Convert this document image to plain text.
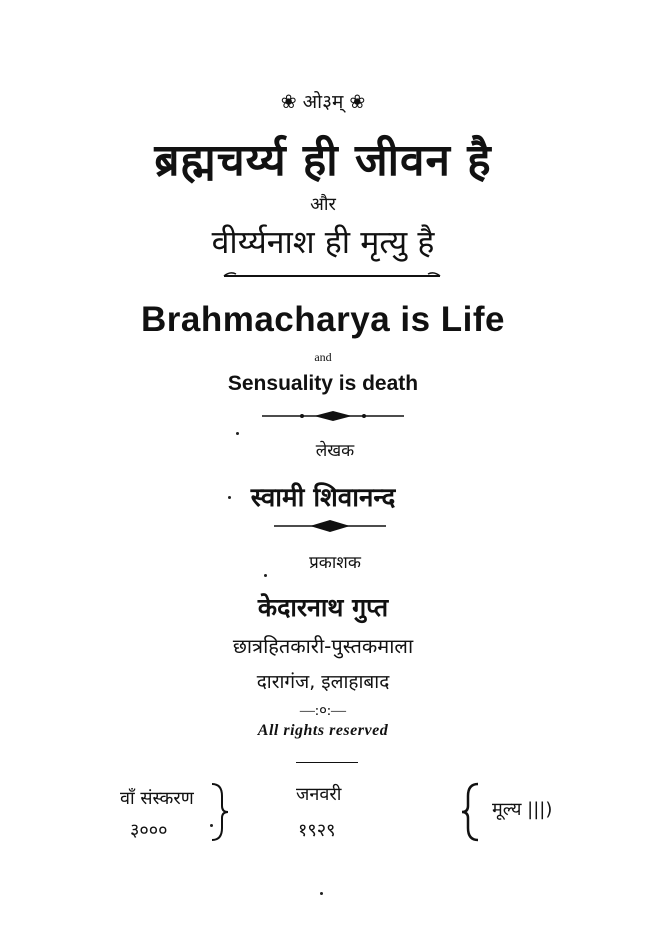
❀ ओ३म् ❀
ब्रह्मचर्य्य ही जीवन है
और
वीर्य्यनाश ही मृत्यु है
Brahmacharya is Life
and
Sensuality is death
लेखक
स्वामी शिवानन्द
प्रकाशक
केदारनाथ गुप्त
छात्रहितकारी-पुस्तकमाला
दारागंज, इलाहाबाद
—:०:—
All rights reserved
वाँ संस्करण
३०००
जनवरी
१९२९
मूल्य |||)
